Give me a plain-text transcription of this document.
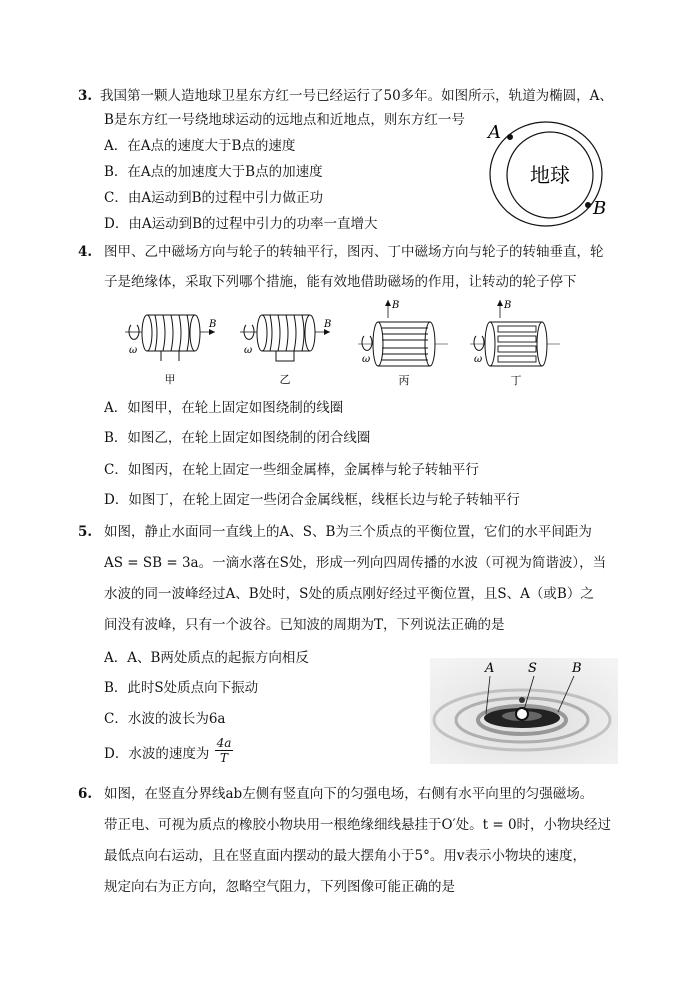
3. 我国第一颗人造地球卫星东方红一号已经运行了50多年。如图所示，轨道为椭圆，A、
B是东方红一号绕地球运动的远地点和近地点，则东方红一号
A．在A点的速度大于B点的速度
B．在A点的加速度大于B点的加速度
C．由A运动到B的过程中引力做正功
D．由A运动到B的过程中引力的功率一直增大
地球
A
B
4. 图甲、乙中磁场方向与轮子的转轴平行，图丙、丁中磁场方向与轮子的转轴垂直，轮
子是绝缘体，采取下列哪个措施，能有效地借助磁场的作用，让转动的轮子停下
B
ω
甲
B
ω
乙
B
ω
丙
B
ω
丁
A．如图甲，在轮上固定如图绕制的线圈
B．如图乙，在轮上固定如图绕制的闭合线圈
C．如图丙，在轮上固定一些细金属棒，金属棒与轮子转轴平行
D．如图丁，在轮上固定一些闭合金属线框，线框长边与轮子转轴平行
5. 如图，静止水面同一直线上的A、S、B为三个质点的平衡位置，它们的水平间距为
AS = SB = 3a。一滴水落在S处，形成一列向四周传播的水波（可视为简谐波），当
水波的同一波峰经过A、B处时，S处的质点刚好经过平衡位置，且S、A（或B）之
间没有波峰，只有一个波谷。已知波的周期为T，下列说法正确的是
A．A、B两处质点的起振方向相反
B．此时S处质点向下振动
C．水波的波长为6a
D．水波的速度为 $\frac{4a}{T}$
A	S	B
6. 如图，在竖直分界线ab左侧有竖直向下的匀强电场，右侧有水平向里的匀强磁场。
带正电、可视为质点的橡胶小物块用一根绝缘细线悬挂于O′处。t = 0时，小物块经过
最低点向右运动，且在竖直面内摆动的最大摆角小于5°。用v表示小物块的速度，
规定向右为正方向，忽略空气阻力，下列图像可能正确的是
